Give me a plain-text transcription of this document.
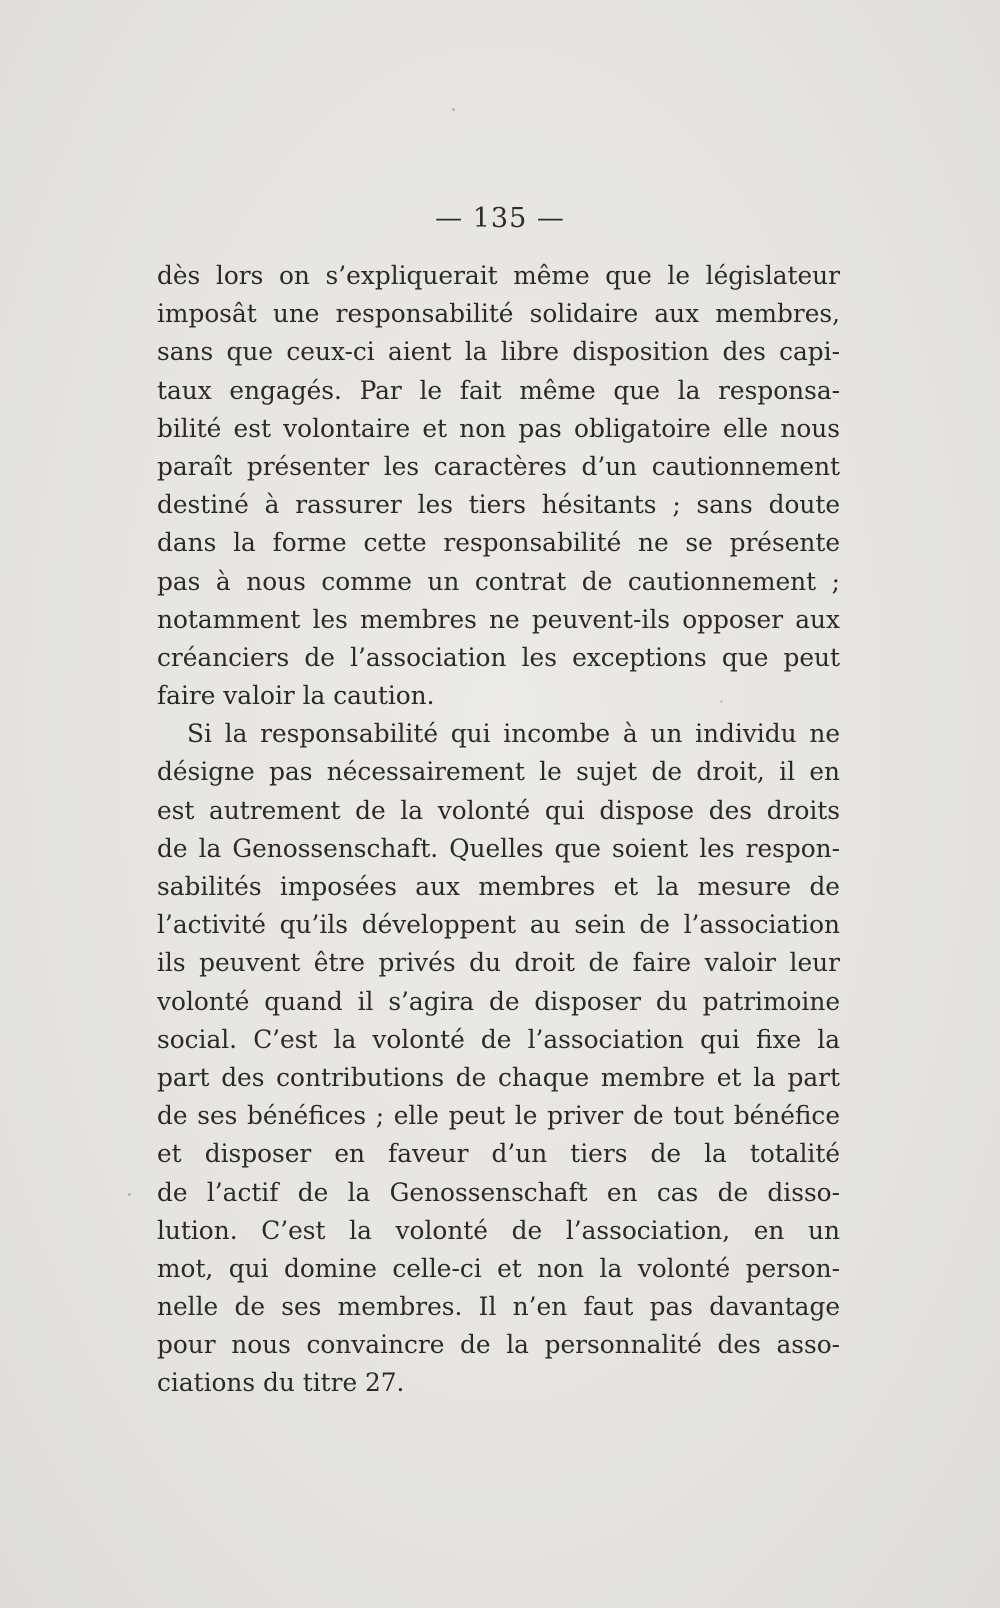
— 135 —
dès lors on s’expliquerait même que le législateur
imposât une responsabilité solidaire aux membres,
sans que ceux-ci aient la libre disposition des capi-
taux engagés. Par le fait même que la responsa-
bilité est volontaire et non pas obligatoire elle nous
paraît présenter les caractères d’un cautionnement
destiné à rassurer les tiers hésitants ; sans doute
dans la forme cette responsabilité ne se présente
pas à nous comme un contrat de cautionnement ;
notamment les membres ne peuvent-ils opposer aux
créanciers de l’association les exceptions que peut
faire valoir la caution.
Si la responsabilité qui incombe à un individu ne
désigne pas nécessairement le sujet de droit, il en
est autrement de la volonté qui dispose des droits
de la Genossenschaft. Quelles que soient les respon-
sabilités imposées aux membres et la mesure de
l’activité qu’ils développent au sein de l’association
ils peuvent être privés du droit de faire valoir leur
volonté quand il s’agira de disposer du patrimoine
social. C’est la volonté de l’association qui fixe la
part des contributions de chaque membre et la part
de ses bénéfices ; elle peut le priver de tout bénéfice
et disposer en faveur d’un tiers de la totalité
de l’actif de la Genossenschaft en cas de disso-
lution. C’est la volonté de l’association, en un
mot, qui domine celle-ci et non la volonté person-
nelle de ses membres. Il n’en faut pas davantage
pour nous convaincre de la personnalité des asso-
ciations du titre 27.
